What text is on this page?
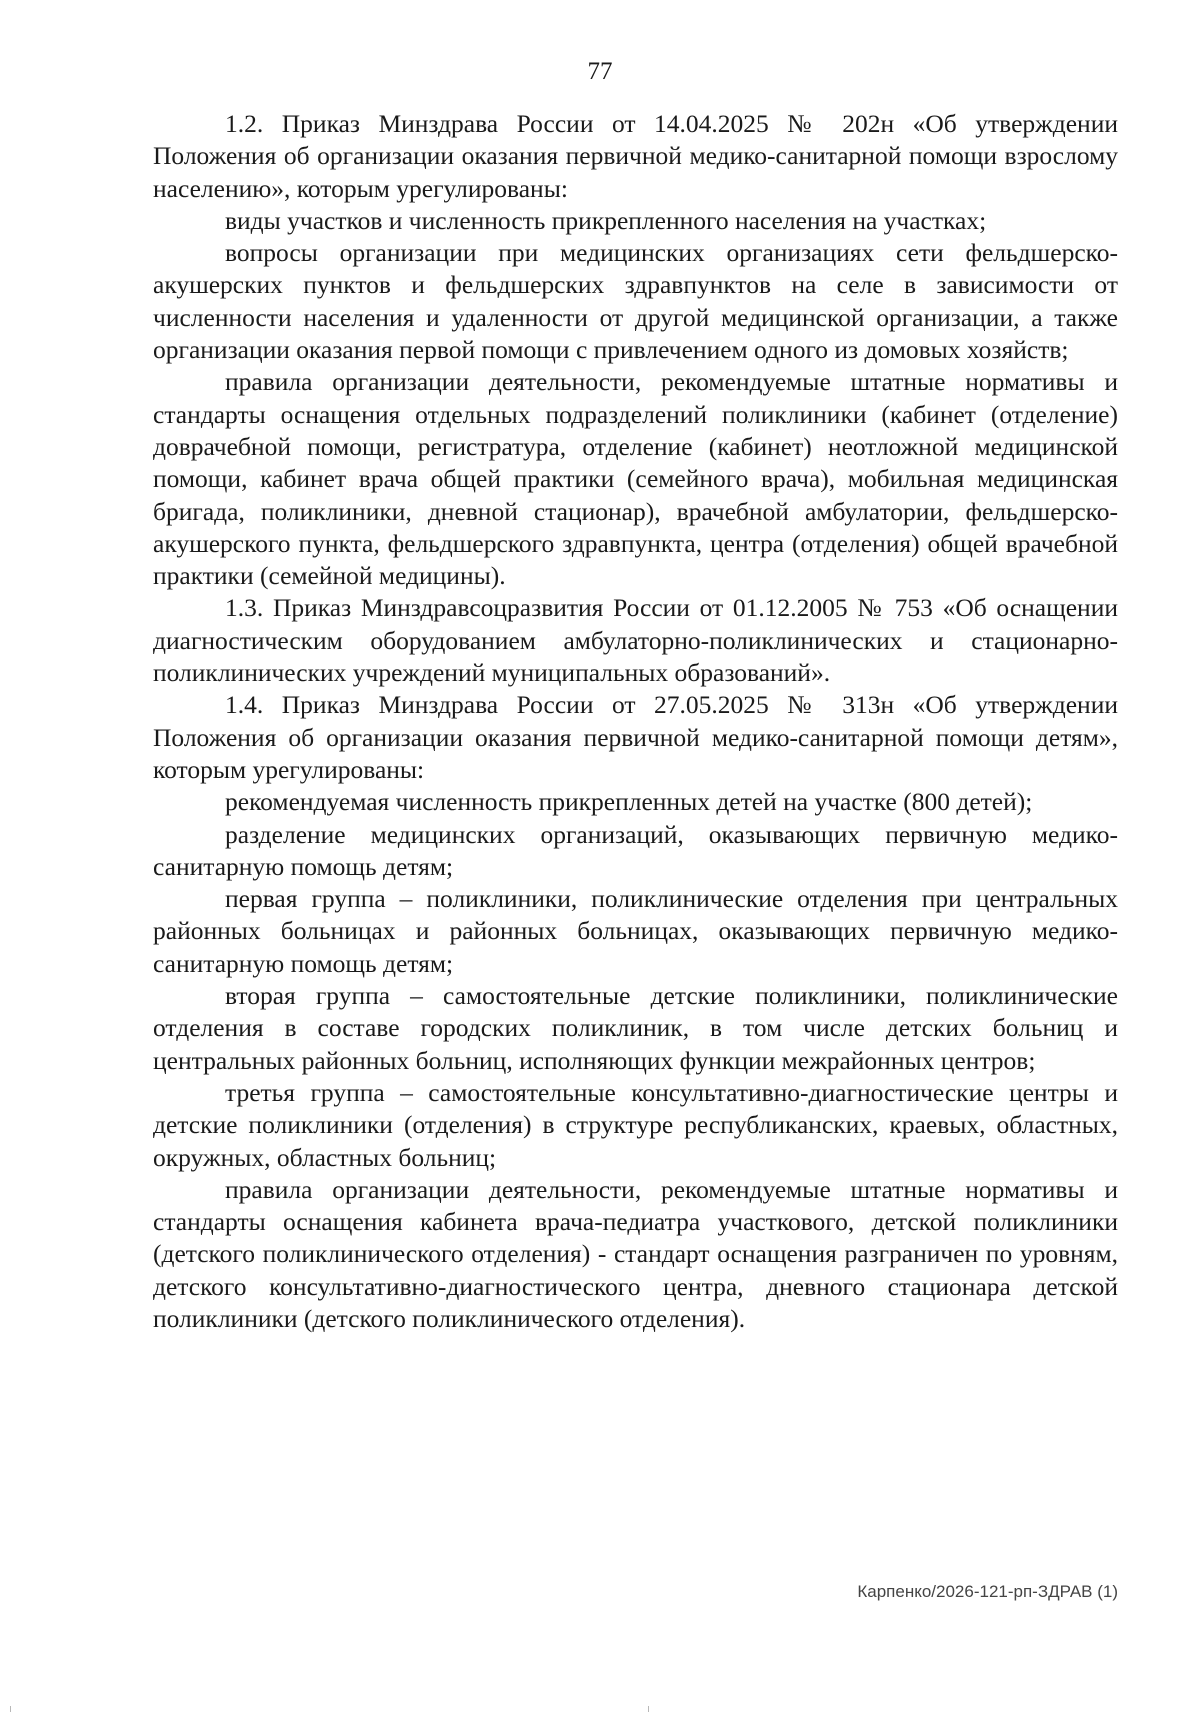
77

1.2. Приказ Минздрава России от 14.04.2025 № 202н «Об утверждении Положения об организации оказания первичной медико-санитарной помощи взрослому населению», которым урегулированы:

виды участков и численность прикрепленного населения на участках;

вопросы организации при медицинских организациях сети фельдшерско-акушерских пунктов и фельдшерских здравпунктов на селе в зависимости от численности населения и удаленности от другой медицинской организации, а также организации оказания первой помощи с привлечением одного из домовых хозяйств;

правила организации деятельности, рекомендуемые штатные нормативы и стандарты оснащения отдельных подразделений поликлиники (кабинет (отделение) доврачебной помощи, регистратура, отделение (кабинет) неотложной медицинской помощи, кабинет врача общей практики (семейного врача), мобильная медицинская бригада, поликлиники, дневной стационар), врачебной амбулатории, фельдшерско-акушерского пункта, фельдшерского здравпункта, центра (отделения) общей врачебной практики (семейной медицины).

1.3. Приказ Минздравсоцразвития России от 01.12.2005 № 753 «Об оснащении диагностическим оборудованием амбулаторно-поликлинических и стационарно-поликлинических учреждений муниципальных образований».

1.4. Приказ Минздрава России от 27.05.2025 № 313н «Об утверждении Положения об организации оказания первичной медико-санитарной помощи детям», которым урегулированы:

рекомендуемая численность прикрепленных детей на участке (800 детей);

разделение медицинских организаций, оказывающих первичную медико-санитарную помощь детям;

первая группа – поликлиники, поликлинические отделения при центральных районных больницах и районных больницах, оказывающих первичную медико-санитарную помощь детям;

вторая группа – самостоятельные детские поликлиники, поликлинические отделения в составе городских поликлиник, в том числе детских больниц и центральных районных больниц, исполняющих функции межрайонных центров;

третья группа – самостоятельные консультативно-диагностические центры и детские поликлиники (отделения) в структуре республиканских, краевых, областных, окружных, областных больниц;

правила организации деятельности, рекомендуемые штатные нормативы и стандарты оснащения кабинета врача-педиатра участкового, детской поликлиники (детского поликлинического отделения) - стандарт оснащения разграничен по уровням, детского консультативно-диагностического центра, дневного стационара детской поликлиники (детского поликлинического отделения).

Карпенко/2026-121-рп-ЗДРАВ (1)
